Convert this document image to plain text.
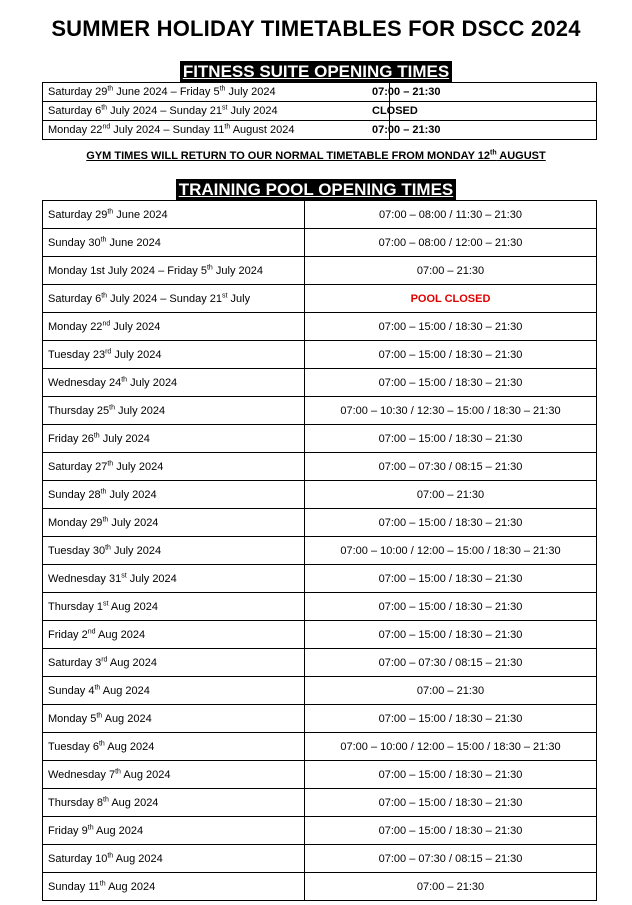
SUMMER HOLIDAY TIMETABLES FOR DSCC 2024
FITNESS SUITE OPENING TIMES
Saturday 29th June 2024 – Friday 5th July 2024	07:00 – 21:30
Saturday 6th July 2024 – Sunday 21st July 2024	CLOSED
Monday 22nd July 2024 – Sunday 11th August 2024	07:00 – 21:30
GYM TIMES WILL RETURN TO OUR NORMAL TIMETABLE FROM MONDAY 12th AUGUST
TRAINING POOL OPENING TIMES
Saturday 29th June 2024	07:00 – 08:00 / 11:30 – 21:30
Sunday 30th June 2024	07:00 – 08:00 / 12:00 – 21:30
Monday 1st July 2024 – Friday 5th July 2024	07:00 – 21:30
Saturday 6th July 2024 – Sunday 21st July	POOL CLOSED
Monday 22nd July 2024	07:00 – 15:00 / 18:30 – 21:30
Tuesday 23rd July 2024	07:00 – 15:00 / 18:30 – 21:30
Wednesday 24th July 2024	07:00 – 15:00 / 18:30 – 21:30
Thursday 25th July 2024	07:00 – 10:30 / 12:30 – 15:00 / 18:30 – 21:30
Friday 26th July 2024	07:00 – 15:00 / 18:30 – 21:30
Saturday 27th July 2024	07:00 – 07:30 / 08:15 – 21:30
Sunday 28th July 2024	07:00 – 21:30
Monday 29th July 2024	07:00 – 15:00 / 18:30 – 21:30
Tuesday 30th July 2024	07:00 – 10:00 / 12:00 – 15:00 / 18:30 – 21:30
Wednesday 31st July 2024	07:00 – 15:00 / 18:30 – 21:30
Thursday 1st Aug 2024	07:00 – 15:00 / 18:30 – 21:30
Friday 2nd Aug 2024	07:00 – 15:00 / 18:30 – 21:30
Saturday 3rd Aug 2024	07:00 – 07:30 / 08:15 – 21:30
Sunday 4th Aug 2024	07:00 – 21:30
Monday 5th Aug 2024	07:00 – 15:00 / 18:30 – 21:30
Tuesday 6th Aug 2024	07:00 – 10:00 / 12:00 – 15:00 / 18:30 – 21:30
Wednesday 7th Aug 2024	07:00 – 15:00 / 18:30 – 21:30
Thursday 8th Aug 2024	07:00 – 15:00 / 18:30 – 21:30
Friday 9th Aug 2024	07:00 – 15:00 / 18:30 – 21:30
Saturday 10th Aug 2024	07:00 – 07:30 / 08:15 – 21:30
Sunday 11th Aug 2024	07:00 – 21:30
